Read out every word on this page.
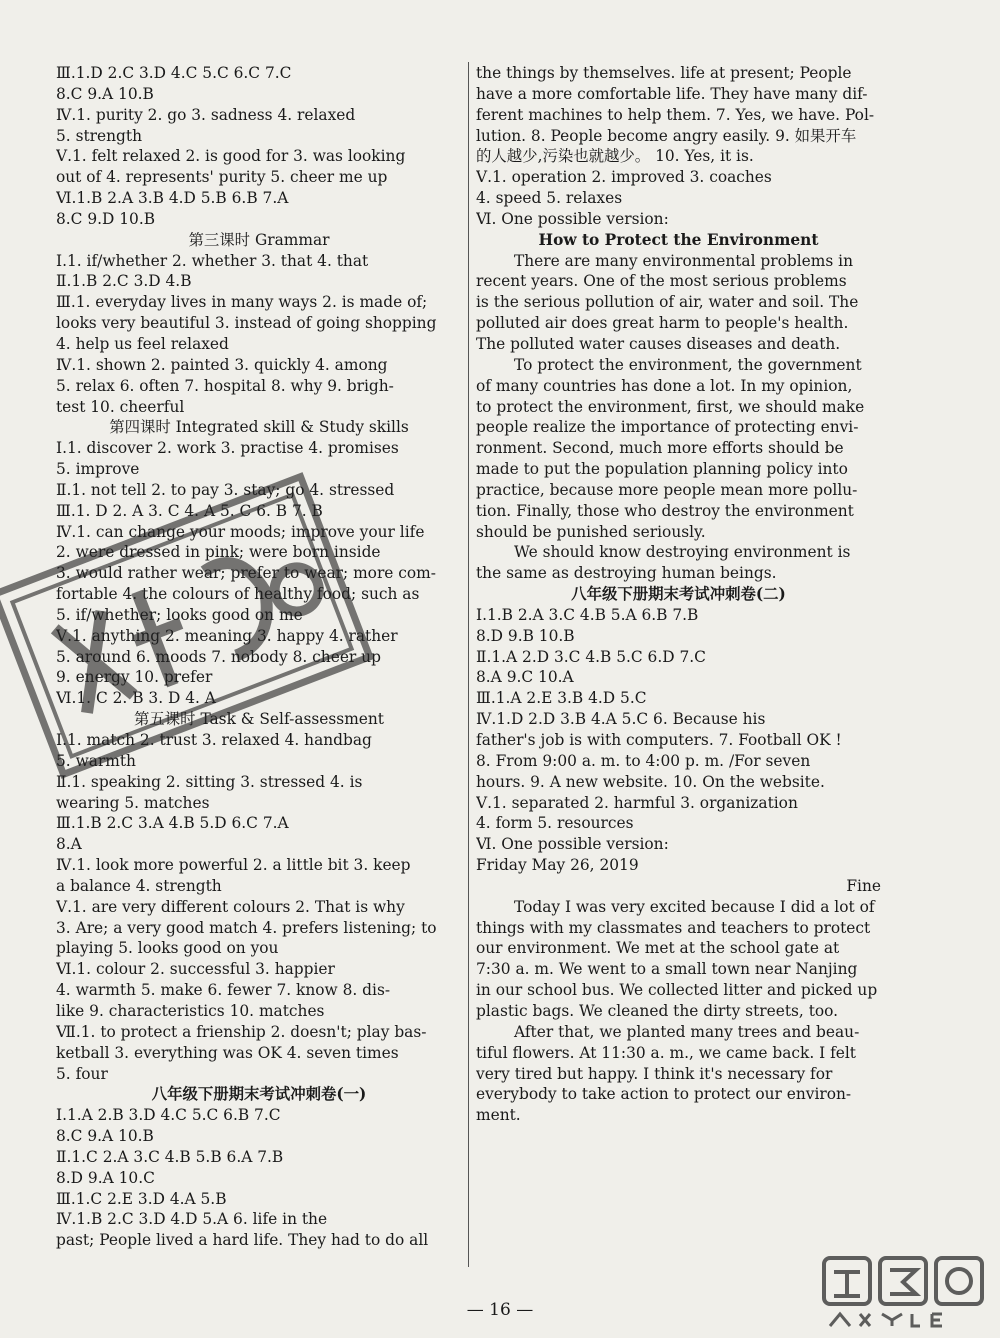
Ⅲ.1.D 2.C 3.D 4.C 5.C 6.C 7.C
8.C 9.A 10.B
Ⅳ.1. purity 2. go 3. sadness 4. relaxed
5. strength
Ⅴ.1. felt relaxed 2. is good for 3. was looking
out of 4. represents' purity 5. cheer me up
Ⅵ.1.B 2.A 3.B 4.D 5.B 6.B 7.A
8.C 9.D 10.B
第三课时 Grammar
Ⅰ.1. if/whether 2. whether 3. that 4. that
Ⅱ.1.B 2.C 3.D 4.B
Ⅲ.1. everyday lives in many ways 2. is made of;
looks very beautiful 3. instead of going shopping
4. help us feel relaxed
Ⅳ.1. shown 2. painted 3. quickly 4. among
5. relax 6. often 7. hospital 8. why 9. brigh-
test 10. cheerful
第四课时 Integrated skill & Study skills
Ⅰ.1. discover 2. work 3. practise 4. promises
5. improve
Ⅱ.1. not tell 2. to pay 3. stay; go 4. stressed
Ⅲ.1. D 2. A 3. C 4. A 5. C 6. B 7. B
Ⅳ.1. can change your moods; improve your life
2. were dressed in pink; were born inside
3. would rather wear; prefer to wear; more com-
fortable 4. the colours of healthy food; such as
5. if/whether; looks good on me
Ⅴ.1. anything 2. meaning 3. happy 4. rather
5. around 6. moods 7. nobody 8. cheer up
9. energy 10. prefer
Ⅵ.1. C 2. B 3. D 4. A
第五课时 Task & Self-assessment
Ⅰ.1. match 2. trust 3. relaxed 4. handbag
5. warmth
Ⅱ.1. speaking 2. sitting 3. stressed 4. is
wearing 5. matches
Ⅲ.1.B 2.C 3.A 4.B 5.D 6.C 7.A
8.A
Ⅳ.1. look more powerful 2. a little bit 3. keep
a balance 4. strength
Ⅴ.1. are very different colours 2. That is why
3. Are; a very good match 4. prefers listening; to
playing 5. looks good on you
Ⅵ.1. colour 2. successful 3. happier
4. warmth 5. make 6. fewer 7. know 8. dis-
like 9. characteristics 10. matches
Ⅶ.1. to protect a frienship 2. doesn't; play bas-
ketball 3. everything was OK 4. seven times
5. four
八年级下册期末考试冲刺卷(一)
Ⅰ.1.A 2.B 3.D 4.C 5.C 6.B 7.C
8.C 9.A 10.B
Ⅱ.1.C 2.A 3.C 4.B 5.B 6.A 7.B
8.D 9.A 10.C
Ⅲ.1.C 2.E 3.D 4.A 5.B
Ⅳ.1.B 2.C 3.D 4.D 5.A 6. life in the
past; People lived a hard life. They had to do all
the things by themselves. life at present; People
have a more comfortable life. They have many dif-
ferent machines to help them. 7. Yes, we have. Pol-
lution. 8. People become angry easily. 9. 如果开车
的人越少,污染也就越少。 10. Yes, it is.
Ⅴ.1. operation 2. improved 3. coaches
4. speed 5. relaxes
Ⅵ. One possible version:
How to Protect the Environment
There are many environmental problems in
recent years. One of the most serious problems
is the serious pollution of air, water and soil. The
polluted air does great harm to people's health.
The polluted water causes diseases and death.
To protect the environment, the government
of many countries has done a lot. In my opinion,
to protect the environment, first, we should make
people realize the importance of protecting envi-
ronment. Second, much more efforts should be
made to put the population planning policy into
practice, because more people mean more pollu-
tion. Finally, those who destroy the environment
should be punished seriously.
We should know destroying environment is
the same as destroying human beings.
八年级下册期末考试冲刺卷(二)
Ⅰ.1.B 2.A 3.C 4.B 5.A 6.B 7.B
8.D 9.B 10.B
Ⅱ.1.A 2.D 3.C 4.B 5.C 6.D 7.C
8.A 9.C 10.A
Ⅲ.1.A 2.E 3.B 4.D 5.C
Ⅳ.1.D 2.D 3.B 4.A 5.C 6. Because his
father's job is with computers. 7. Football OK !
8. From 9:00 a. m. to 4:00 p. m. /For seven
hours. 9. A new website. 10. On the website.
Ⅴ.1. separated 2. harmful 3. organization
4. form 5. resources
Ⅵ. One possible version:
Friday May 26, 2019
Fine
Today I was very excited because I did a lot of
things with my classmates and teachers to protect
our environment. We met at the school gate at
7:30 a. m. We went to a small town near Nanjing
in our school bus. We collected litter and picked up
plastic bags. We cleaned the dirty streets, too.
After that, we planted many trees and beau-
tiful flowers. At 11:30 a. m., we came back. I felt
very tired but happy. I think it's necessary for
everybody to take action to protect our environ-
ment.
— 16 —
